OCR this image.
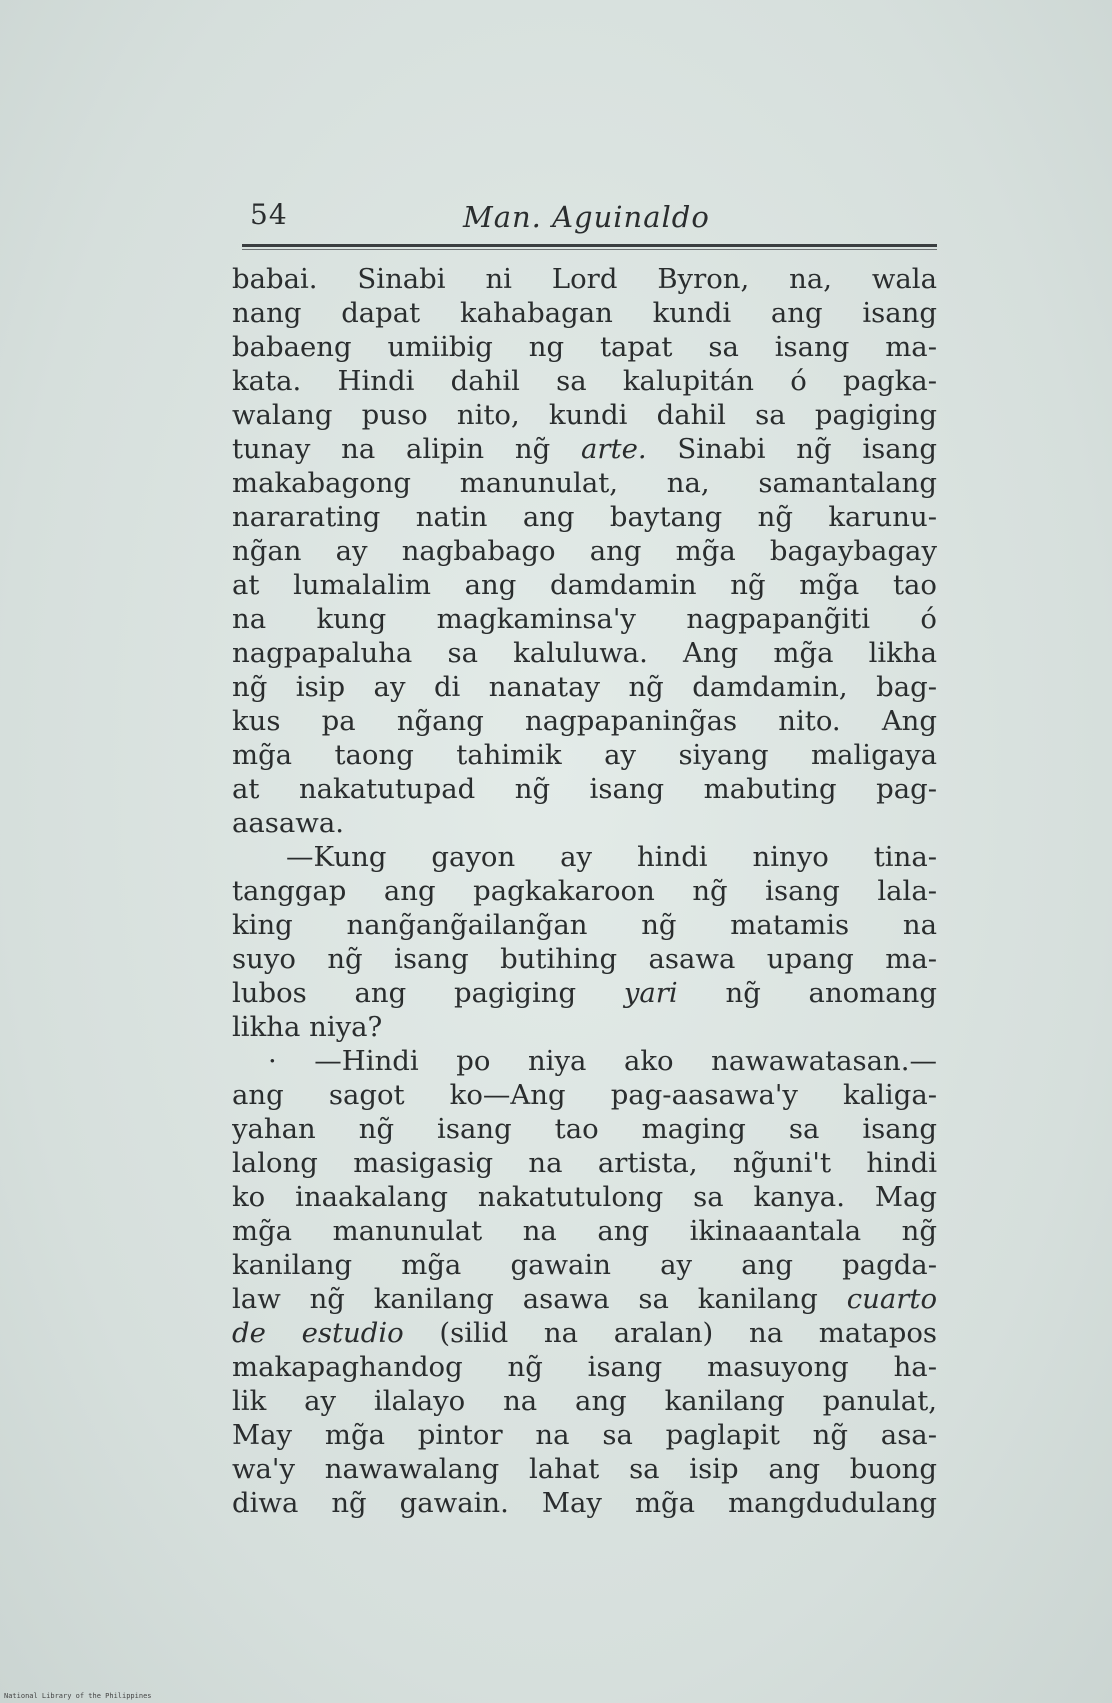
54	Man. Aguinaldo
babai. Sinabi ni Lord Byron, na, wala
nang dapat kahabagan kundi ang isang
babaeng umiibig ng tapat sa isang ma-
kata. Hindi dahil sa kalupitán ó pagka-
walang puso nito, kundi dahil sa pagiging
tunay na alipin ng̃ arte. Sinabi ng̃ isang
makabagong manunulat, na, samantalang
nararating natin ang baytang ng̃ karunu-
ng̃an ay nagbabago ang mg̃a bagaybagay
at lumalalim ang damdamin ng̃ mg̃a tao
na kung magkaminsa'y nagpapang̃iti ó
nagpapaluha sa kaluluwa. Ang mg̃a likha
ng̃ isip ay di nanatay ng̃ damdamin, bag-
kus pa ng̃ang nagpapaning̃as nito. Ang
mg̃a taong tahimik ay siyang maligaya
at nakatutupad ng̃ isang mabuting pag-
aasawa.
—Kung gayon ay hindi ninyo tina-
tanggap ang pagkakaroon ng̃ isang lala-
king nang̃ang̃ailang̃an ng̃ matamis na
suyo ng̃ isang butihing asawa upang ma-
lubos ang pagiging yari ng̃ anomang
likha niya?
· —Hindi po niya ako nawawatasan.—
ang sagot ko—Ang pag-aasawa'y kaliga-
yahan ng̃ isang tao maging sa isang
lalong masigasig na artista, ng̃uni't hindi
ko inaakalang nakatutulong sa kanya. Mag
mg̃a manunulat na ang ikinaaantala ng̃
kanilang mg̃a gawain ay ang pagda-
law ng̃ kanilang asawa sa kanilang cuarto
de estudio (silid na aralan) na matapos
makapaghandog ng̃ isang masuyong ha-
lik ay ilalayo na ang kanilang panulat,
May mg̃a pintor na sa paglapit ng̃ asa-
wa'y nawawalang lahat sa isip ang buong
diwa ng̃ gawain. May mg̃a mangdudulang
National Library of the Philippines
